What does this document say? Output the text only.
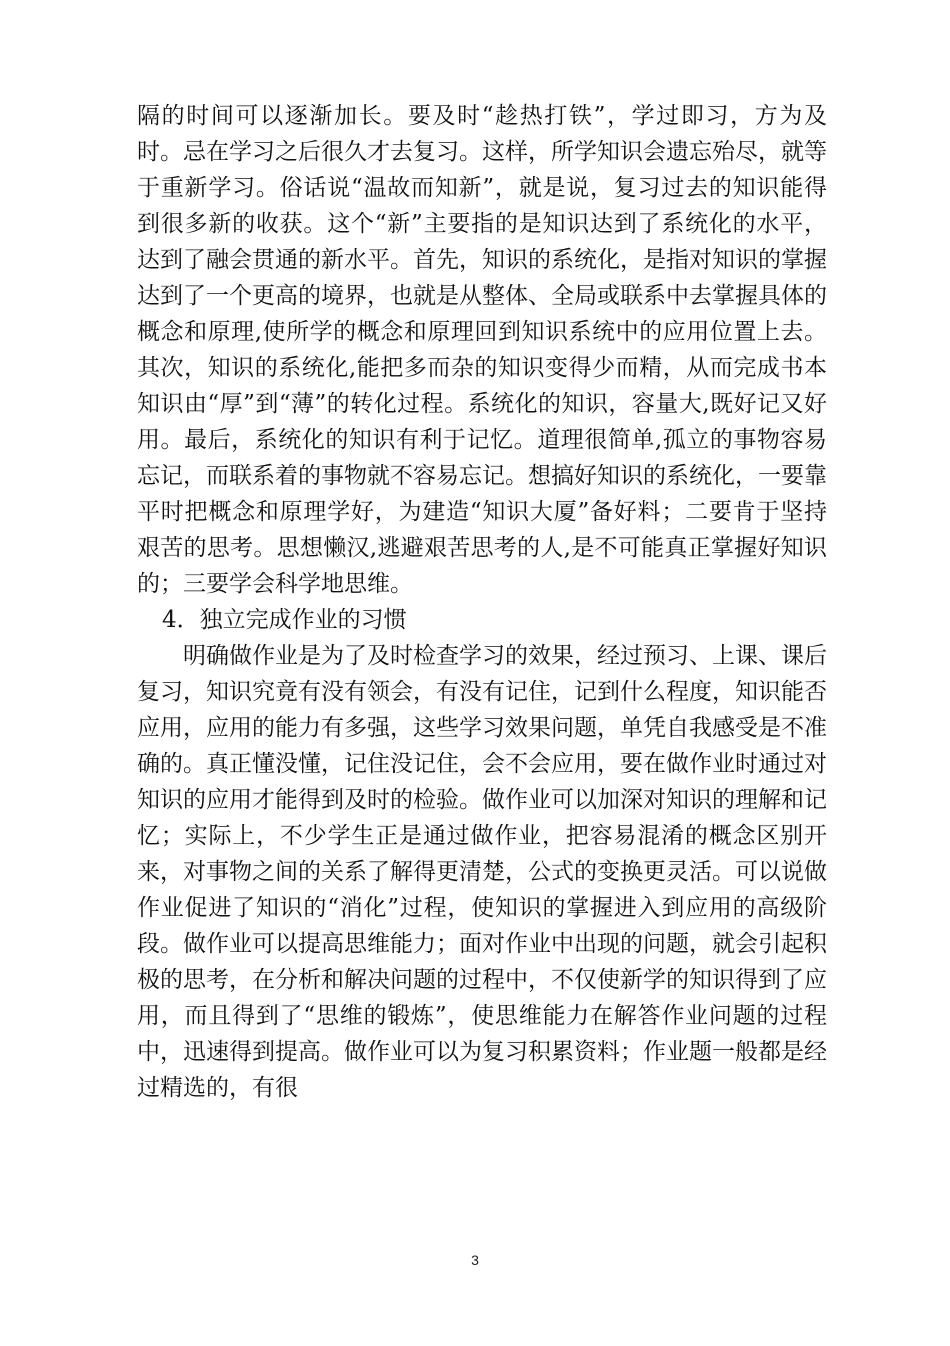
隔的时间可以逐渐加长。要及时“趁热打铁”，学过即习，方为及时。忌在学习之后很久才去复习。这样，所学知识会遗忘殆尽，就等于重新学习。俗话说“温故而知新”，就是说，复习过去的知识能得到很多新的收获。这个“新”主要指的是知识达到了系统化的水平，达到了融会贯通的新水平。首先，知识的系统化，是指对知识的掌握达到了一个更高的境界，也就是从整体、全局或联系中去掌握具体的概念和原理,使所学的概念和原理回到知识系统中的应用位置上去。其次，知识的系统化,能把多而杂的知识变得少而精，从而完成书本知识由“厚”到“薄”的转化过程。系统化的知识，容量大,既好记又好用。最后，系统化的知识有利于记忆。道理很简单,孤立的事物容易忘记，而联系着的事物就不容易忘记。想搞好知识的系统化，一要靠平时把概念和原理学好，为建造“知识大厦”备好料；二要肯于坚持艰苦的思考。思想懒汉,逃避艰苦思考的人,是不可能真正掌握好知识的；三要学会科学地思维。

4．独立完成作业的习惯

明确做作业是为了及时检查学习的效果，经过预习、上课、课后复习，知识究竟有没有领会，有没有记住，记到什么程度，知识能否应用，应用的能力有多强，这些学习效果问题，单凭自我感受是不准确的。真正懂没懂，记住没记住，会不会应用，要在做作业时通过对知识的应用才能得到及时的检验。做作业可以加深对知识的理解和记忆；实际上，不少学生正是通过做作业，把容易混淆的概念区别开来，对事物之间的关系了解得更清楚，公式的变换更灵活。可以说做作业促进了知识的“消化”过程，使知识的掌握进入到应用的高级阶段。做作业可以提高思维能力；面对作业中出现的问题，就会引起积极的思考，在分析和解决问题的过程中，不仅使新学的知识得到了应用，而且得到了“思维的锻炼”，使思维能力在解答作业问题的过程中，迅速得到提高。做作业可以为复习积累资料；作业题一般都是经过精选的，有很

3
